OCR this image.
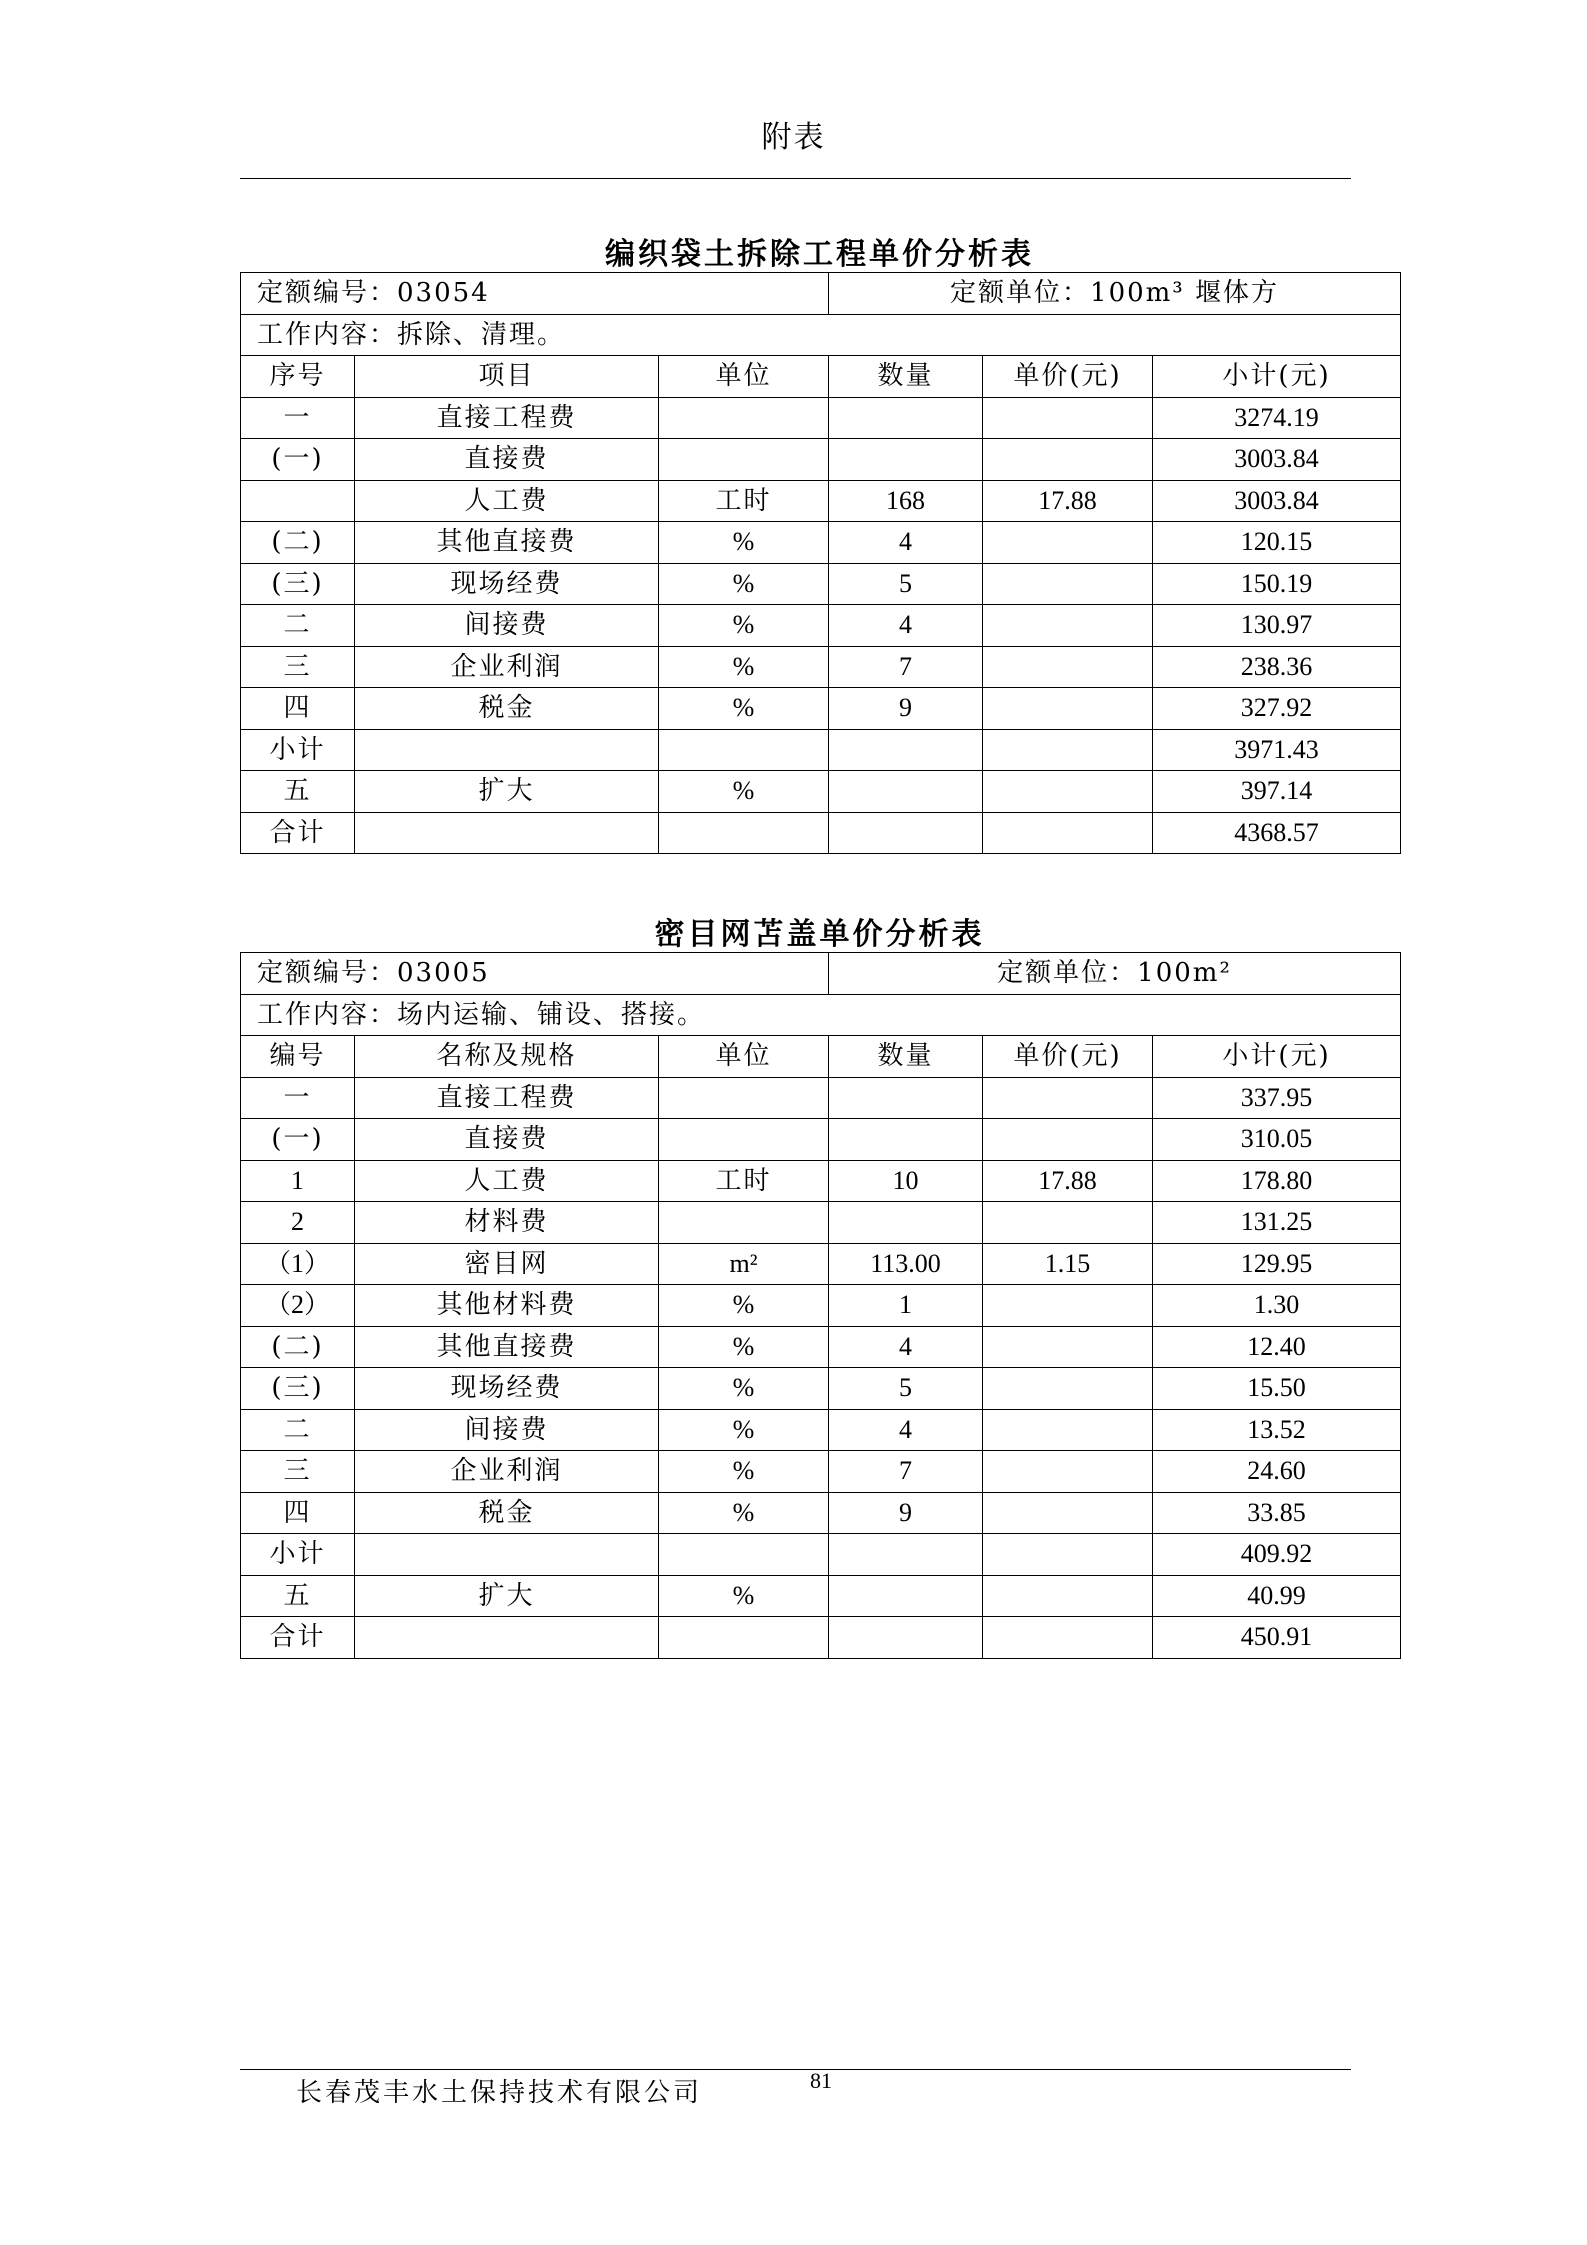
附表
编织袋土拆除工程单价分析表
定额编号：03054			定额单位：100m³ 堰体方		
工作内容：拆除、清理。					
序号	项目	单位	数量	单价(元)	小计(元)
一	直接工程费				3274.19
(一)	直接费				3003.84
	人工费	工时	168	17.88	3003.84
(二)	其他直接费	%	4		120.15
(三)	现场经费	%	5		150.19
二	间接费	%	4		130.97
三	企业利润	%	7		238.36
四	税金	%	9		327.92
小计					3971.43
五	扩大	%			397.14
合计					4368.57
密目网苫盖单价分析表
定额编号：03005			定额单位：100m²		
工作内容：场内运输、铺设、搭接。					
编号	名称及规格	单位	数量	单价(元)	小计(元)
一	直接工程费				337.95
(一)	直接费				310.05
1	人工费	工时	10	17.88	178.80
2	材料费				131.25
（1）	密目网	m²	113.00	1.15	129.95
（2）	其他材料费	%	1		1.30
(二)	其他直接费	%	4		12.40
(三)	现场经费	%	5		15.50
二	间接费	%	4		13.52
三	企业利润	%	7		24.60
四	税金	%	9		33.85
小计					409.92
五	扩大	%			40.99
合计					450.91
长春茂丰水土保持技术有限公司	81
